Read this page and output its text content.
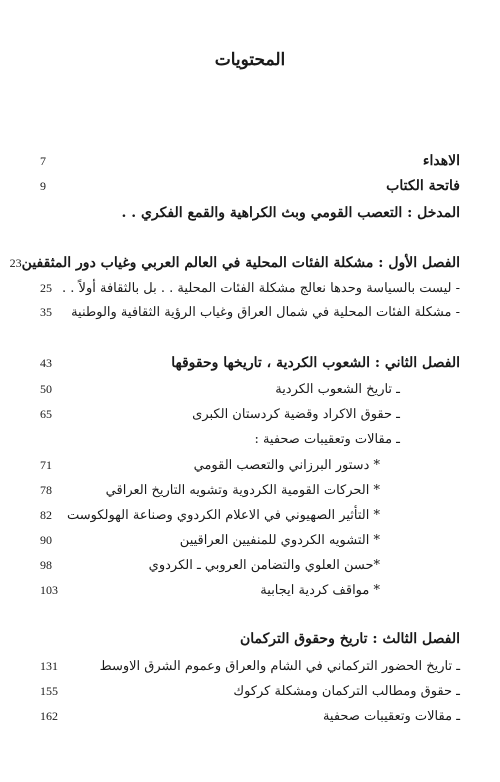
المحتويات
الاهداء
7
فاتحة الكتاب
9
المدخل : التعصب القومي وبث الكراهية والقمع الفكري . .
الفصل الأول : مشكلة الفئات المحلية في العالم العربي وغياب دور المثقفين
23
- ليست بالسياسة وحدها نعالج مشكلة الفئات المحلية . . بل بالثقافة أولاً . .
25
- مشكلة الفئات المحلية في شمال العراق وغياب الرؤية الثقافية والوطنية
35
الفصل الثاني : الشعوب الكردية ، تاريخها وحقوقها
43
ـ تاريخ الشعوب الكردية
50
ـ حقوق الاكراد وقضية كردستان الكبرى
65
ـ مقالات وتعقيبات صحفية :
* دستور البرزاني والتعصب القومي
71
* الحركات القومية الكردوية وتشويه التاريخ العراقي
78
* التأثير الصهيوني في الاعلام الكردوي وصناعة الهولكوست
82
* التشويه الكردوي للمنفيين العراقيين
90
*حسن العلوي والتضامن العروبي ـ الكردوي
98
* مواقف كردية ايجابية
103
الفصل الثالث : تاريخ وحقوق التركمان
ـ تاريخ الحضور التركماني في الشام والعراق وعموم الشرق الاوسط
131
ـ حقوق ومطالب التركمان ومشكلة كركوك
155
ـ مقالات وتعقيبات صحفية
162
